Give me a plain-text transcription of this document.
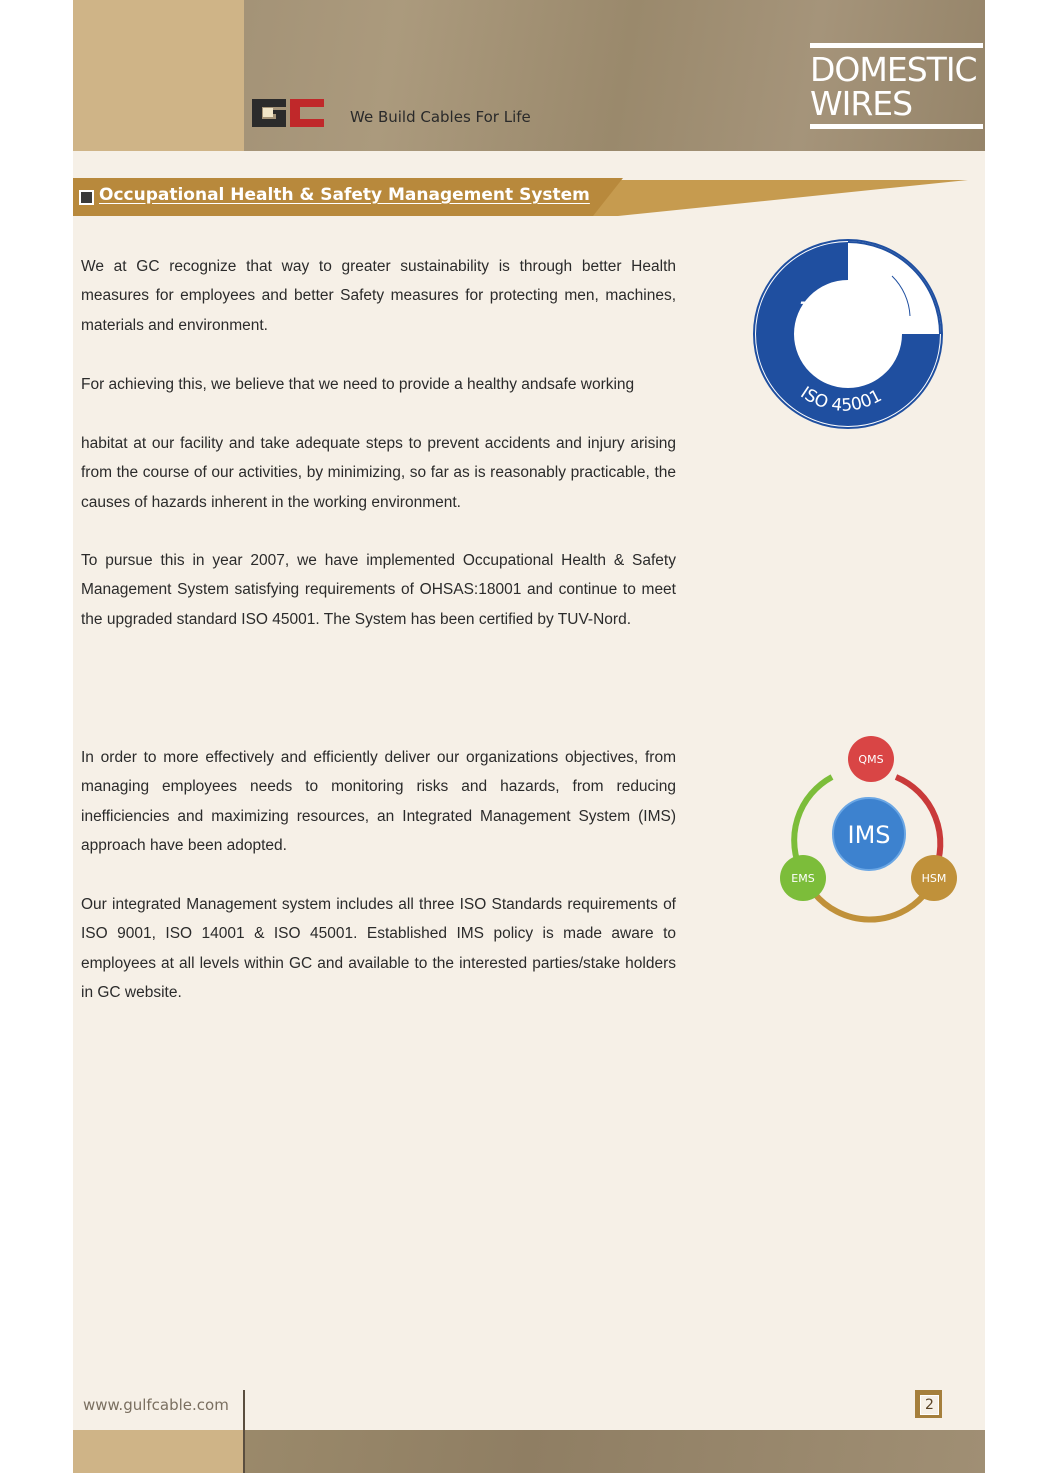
We Build Cables For Life
DOMESTIC
WIRES
Occupational Health & Safety Management System

We at GC recognize that way to greater sustainability is through better Health measures for employees and better Safety measures for protecting men, machines, materials and environment.

For achieving this, we believe that we need to provide a healthy andsafe working

habitat at our facility and take adequate steps to prevent accidents and injury arising from the course of our activities, by minimizing, so far as is reasonably practicable, the causes of hazards inherent in the working environment.

To pursue this in year 2007, we have implemented Occupational Health & Safety Management System satisfying requirements of OHSAS:18001 and continue to meet the upgraded standard ISO 45001. The System has been certified by TUV-Nord.

In order to more effectively and efficiently deliver our organizations objectives, from managing employees needs to monitoring risks and hazards, from reducing inefficiencies and maximizing resources, an Integrated Management System (IMS) approach have been adopted.

Our integrated Management system includes all three ISO Standards requirements of ISO 9001, ISO 14001 & ISO 45001. Established IMS policy is made aware to employees at all levels within GC and available to the interested parties/stake holders in GC website.

TÜV NORD
TÜV Middle East
ISO 45001
IMS
QMS
EMS	HSM
www.gulfcable.com	2
